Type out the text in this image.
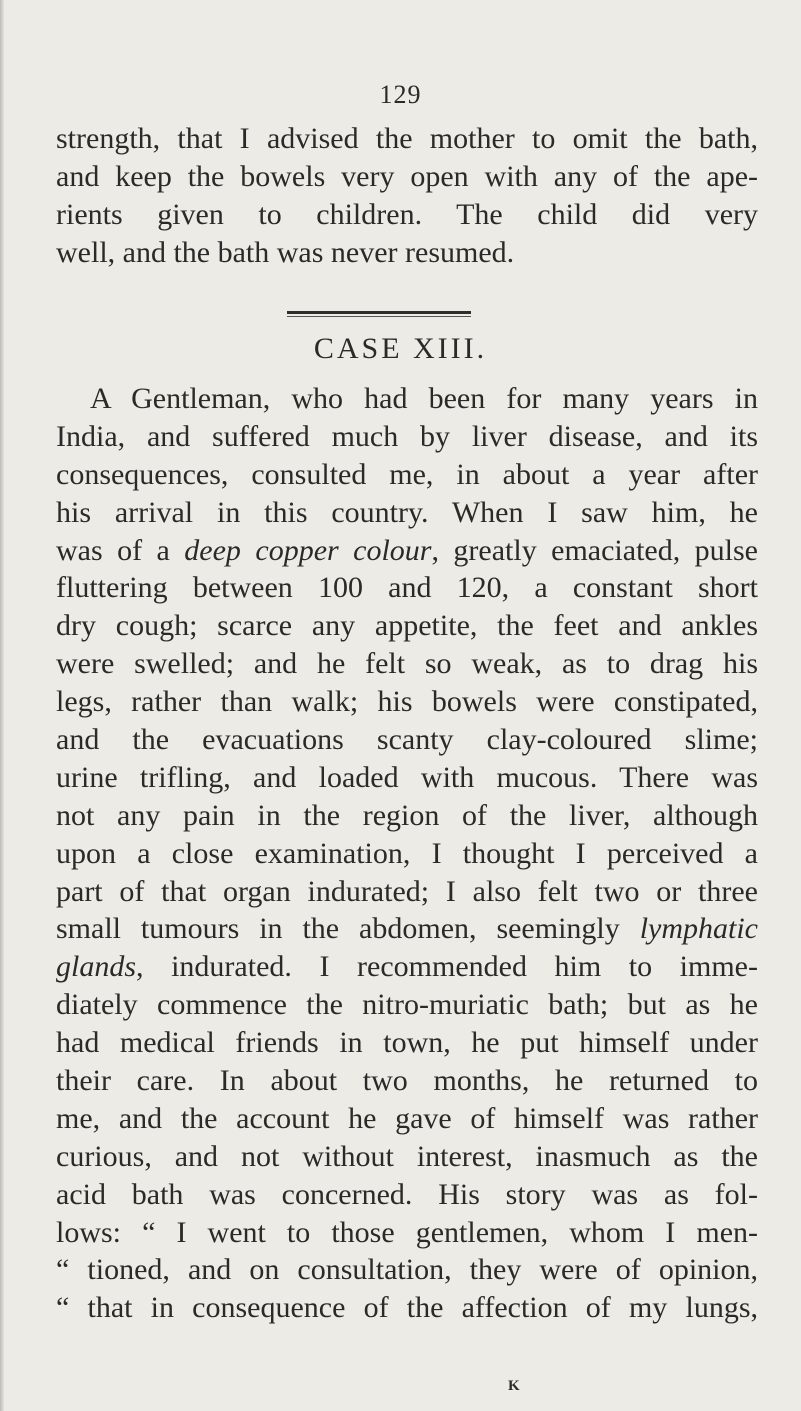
129
strength, that I advised the mother to omit the bath,
and keep the bowels very open with any of the ape-
rients given to children. The child did very
well, and the bath was never resumed.
CASE XIII.
A Gentleman, who had been for many years in
India, and suffered much by liver disease, and its
consequences, consulted me, in about a year after
his arrival in this country. When I saw him, he
was of a deep copper colour, greatly emaciated, pulse
fluttering between 100 and 120, a constant short
dry cough; scarce any appetite, the feet and ankles
were swelled; and he felt so weak, as to drag his
legs, rather than walk; his bowels were constipated,
and the evacuations scanty clay-coloured slime;
urine trifling, and loaded with mucous. There was
not any pain in the region of the liver, although
upon a close examination, I thought I perceived a
part of that organ indurated; I also felt two or three
small tumours in the abdomen, seemingly lymphatic
glands, indurated. I recommended him to imme-
diately commence the nitro-muriatic bath; but as he
had medical friends in town, he put himself under
their care. In about two months, he returned to
me, and the account he gave of himself was rather
curious, and not without interest, inasmuch as the
acid bath was concerned. His story was as fol-
lows: “ I went to those gentlemen, whom I men-
“ tioned, and on consultation, they were of opinion,
“ that in consequence of the affection of my lungs,
K
